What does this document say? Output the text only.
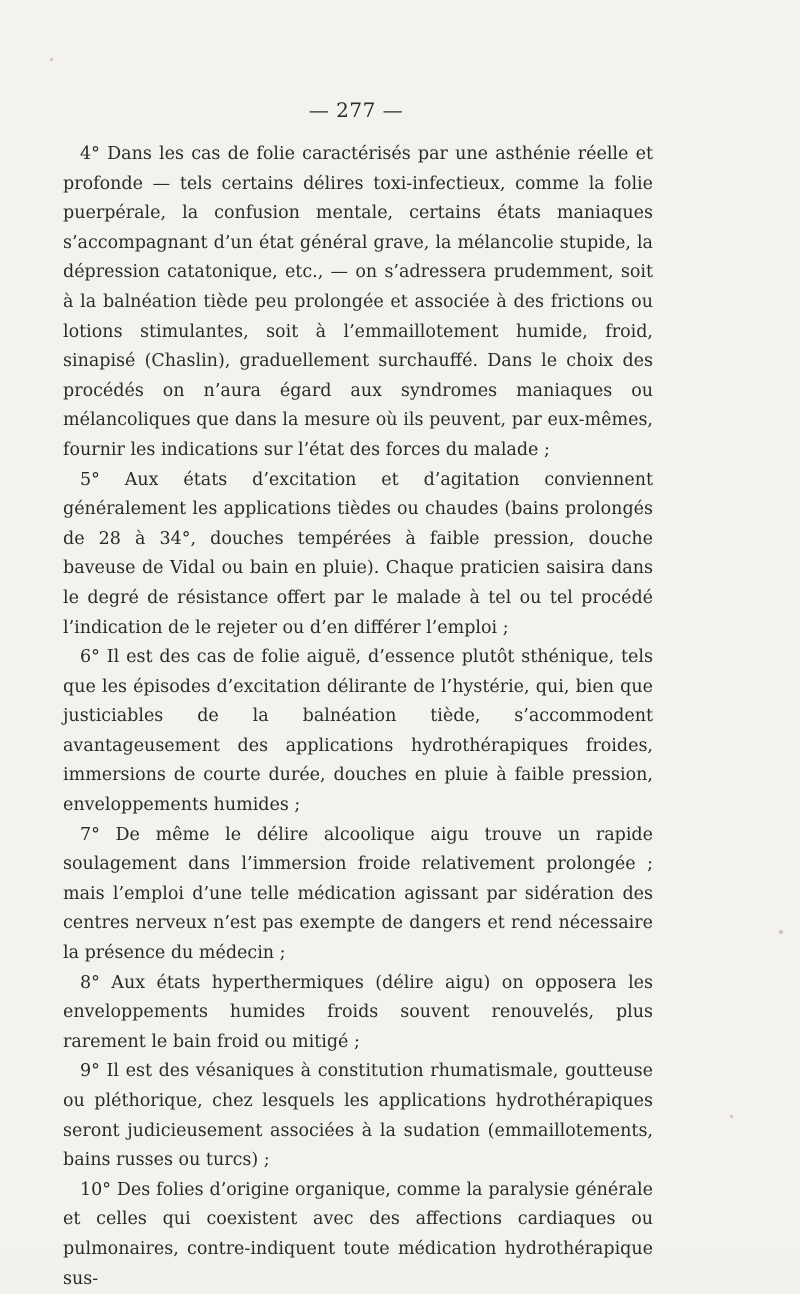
— 277 —

4° Dans les cas de folie caractérisés par une asthénie réelle et profonde — tels certains délires toxi-infectieux, comme la folie puerpérale, la confusion mentale, certains états maniaques s’accompagnant d’un état général grave, la mélancolie stupide, la dépression catatonique, etc., — on s’adressera prudemment, soit à la balnéation tiède peu prolongée et associée à des frictions ou lotions stimulantes, soit à l’emmaillotement humide, froid, sinapisé (Chaslin), graduellement surchauffé. Dans le choix des procédés on n’aura égard aux syndromes maniaques ou mélancoliques que dans la mesure où ils peuvent, par eux-mêmes, fournir les indications sur l’état des forces du malade ;

5° Aux états d’excitation et d’agitation conviennent généralement les applications tièdes ou chaudes (bains prolongés de 28 à 34°, douches tempérées à faible pression, douche baveuse de Vidal ou bain en pluie). Chaque praticien saisira dans le degré de résistance offert par le malade à tel ou tel procédé l’indication de le rejeter ou d’en différer l’emploi ;

6° Il est des cas de folie aiguë, d’essence plutôt sthénique, tels que les épisodes d’excitation délirante de l’hystérie, qui, bien que justiciables de la balnéation tiède, s’accommodent avantageusement des applications hydrothérapiques froides, immersions de courte durée, douches en pluie à faible pression, enveloppements humides ;

7° De même le délire alcoolique aigu trouve un rapide soulagement dans l’immersion froide relativement prolongée ; mais l’emploi d’une telle médication agissant par sidération des centres nerveux n’est pas exempte de dangers et rend nécessaire la présence du médecin ;

8° Aux états hyperthermiques (délire aigu) on opposera les enveloppements humides froids souvent renouvelés, plus rarement le bain froid ou mitigé ;

9° Il est des vésaniques à constitution rhumatismale, goutteuse ou pléthorique, chez lesquels les applications hydrothérapiques seront judicieusement associées à la sudation (emmaillotements, bains russes ou turcs) ;

10° Des folies d’origine organique, comme la paralysie générale et celles qui coexistent avec des affections cardiaques ou pulmonaires, contre-indiquent toute médication hydrothérapique sus-
